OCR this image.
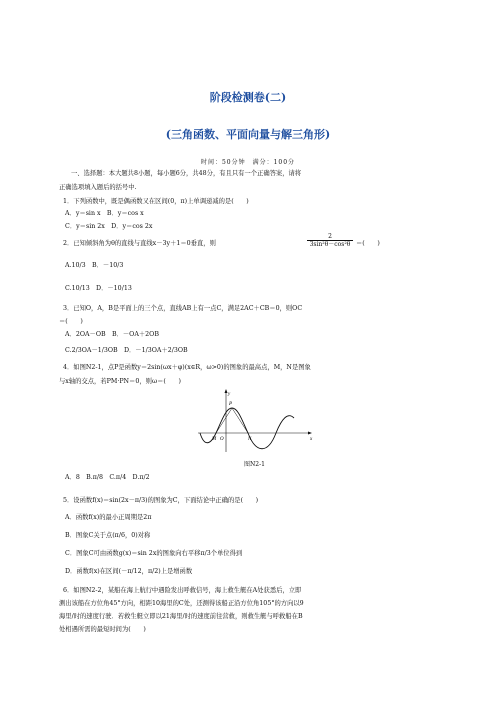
阶段检测卷(二)
(三角函数、平面向量与解三角形)
时间：50分钟　满分：100分
一、选择题：本大题共8小题，每小题6分，共48分，有且只有一个正确答案，请将
正确选项填入题后的括号中.
1．下列函数中，既是偶函数又在区间(0，π)上单调递减的是(　　)
A．y＝sin x　B．y＝cos x
C．y＝sin 2x　D．y＝cos 2x
2．已知倾斜角为θ的直线与直线x－3y＋1＝0垂直，则
2
3sin²θ－cos²θ ＝(　　)
A.10/3　B．－10/3
C.10/13　D．－10/13
3．已知O，A，B是平面上的三个点，直线AB上有一点C，满足2AC＋CB＝0，则OC
＝(　　)
A．2OA－OB　B．－OA＋2OB
C.2/3OA－1/3OB　D．－1/3OA＋2/3OB
4．如图N2-1，点P是函数y＝2sin(ωx＋φ)(x∈R，ω>0)的图象的最高点，M，N是图象
与x轴的交点，若PM·PN＝0，则ω＝(　　)
y
P
M O	N	x
图N2-1
A．8　B.π/8　C.π/4　D.π/2
5．设函数f(x)＝sin(2x－π/3)的图象为C，下面结论中正确的是(　　)
A．函数f(x)的最小正周期是2π
B．图象C关于点(π/6，0)对称
C．图象C可由函数g(x)＝sin 2x的图象向右平移π/3个单位得到
D．函数f(x)在区间(－π/12，π/2)上是增函数
6．如图N2-2，某船在海上航行中遇险发出呼救信号，海上救生艇在A处获悉后，立即
测出该船在方位角45°方向，相距10海里的C处，还测得该船正沿方位角105°的方向以9
海里/时的速度行驶．若救生艇立即以21海里/时的速度前往营救，则救生艇与呼救船在B
处相遇所需的最短时间为(　　)
